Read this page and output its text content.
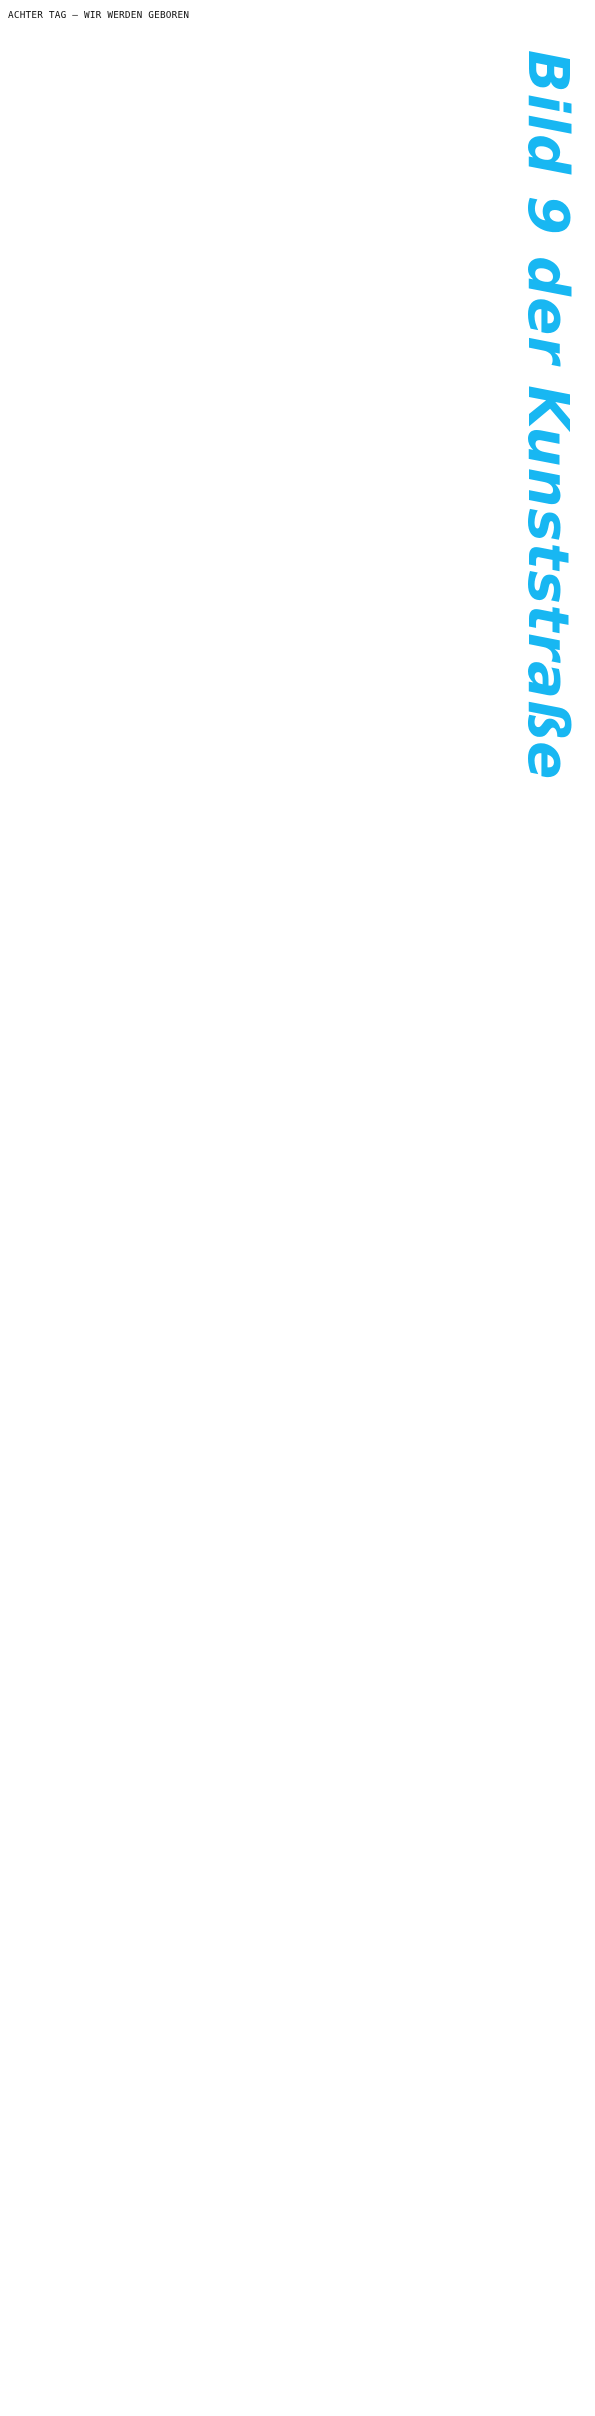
ACHTER TAG – WIR WERDEN GEBOREN
Bild 9 der Kunststraße
